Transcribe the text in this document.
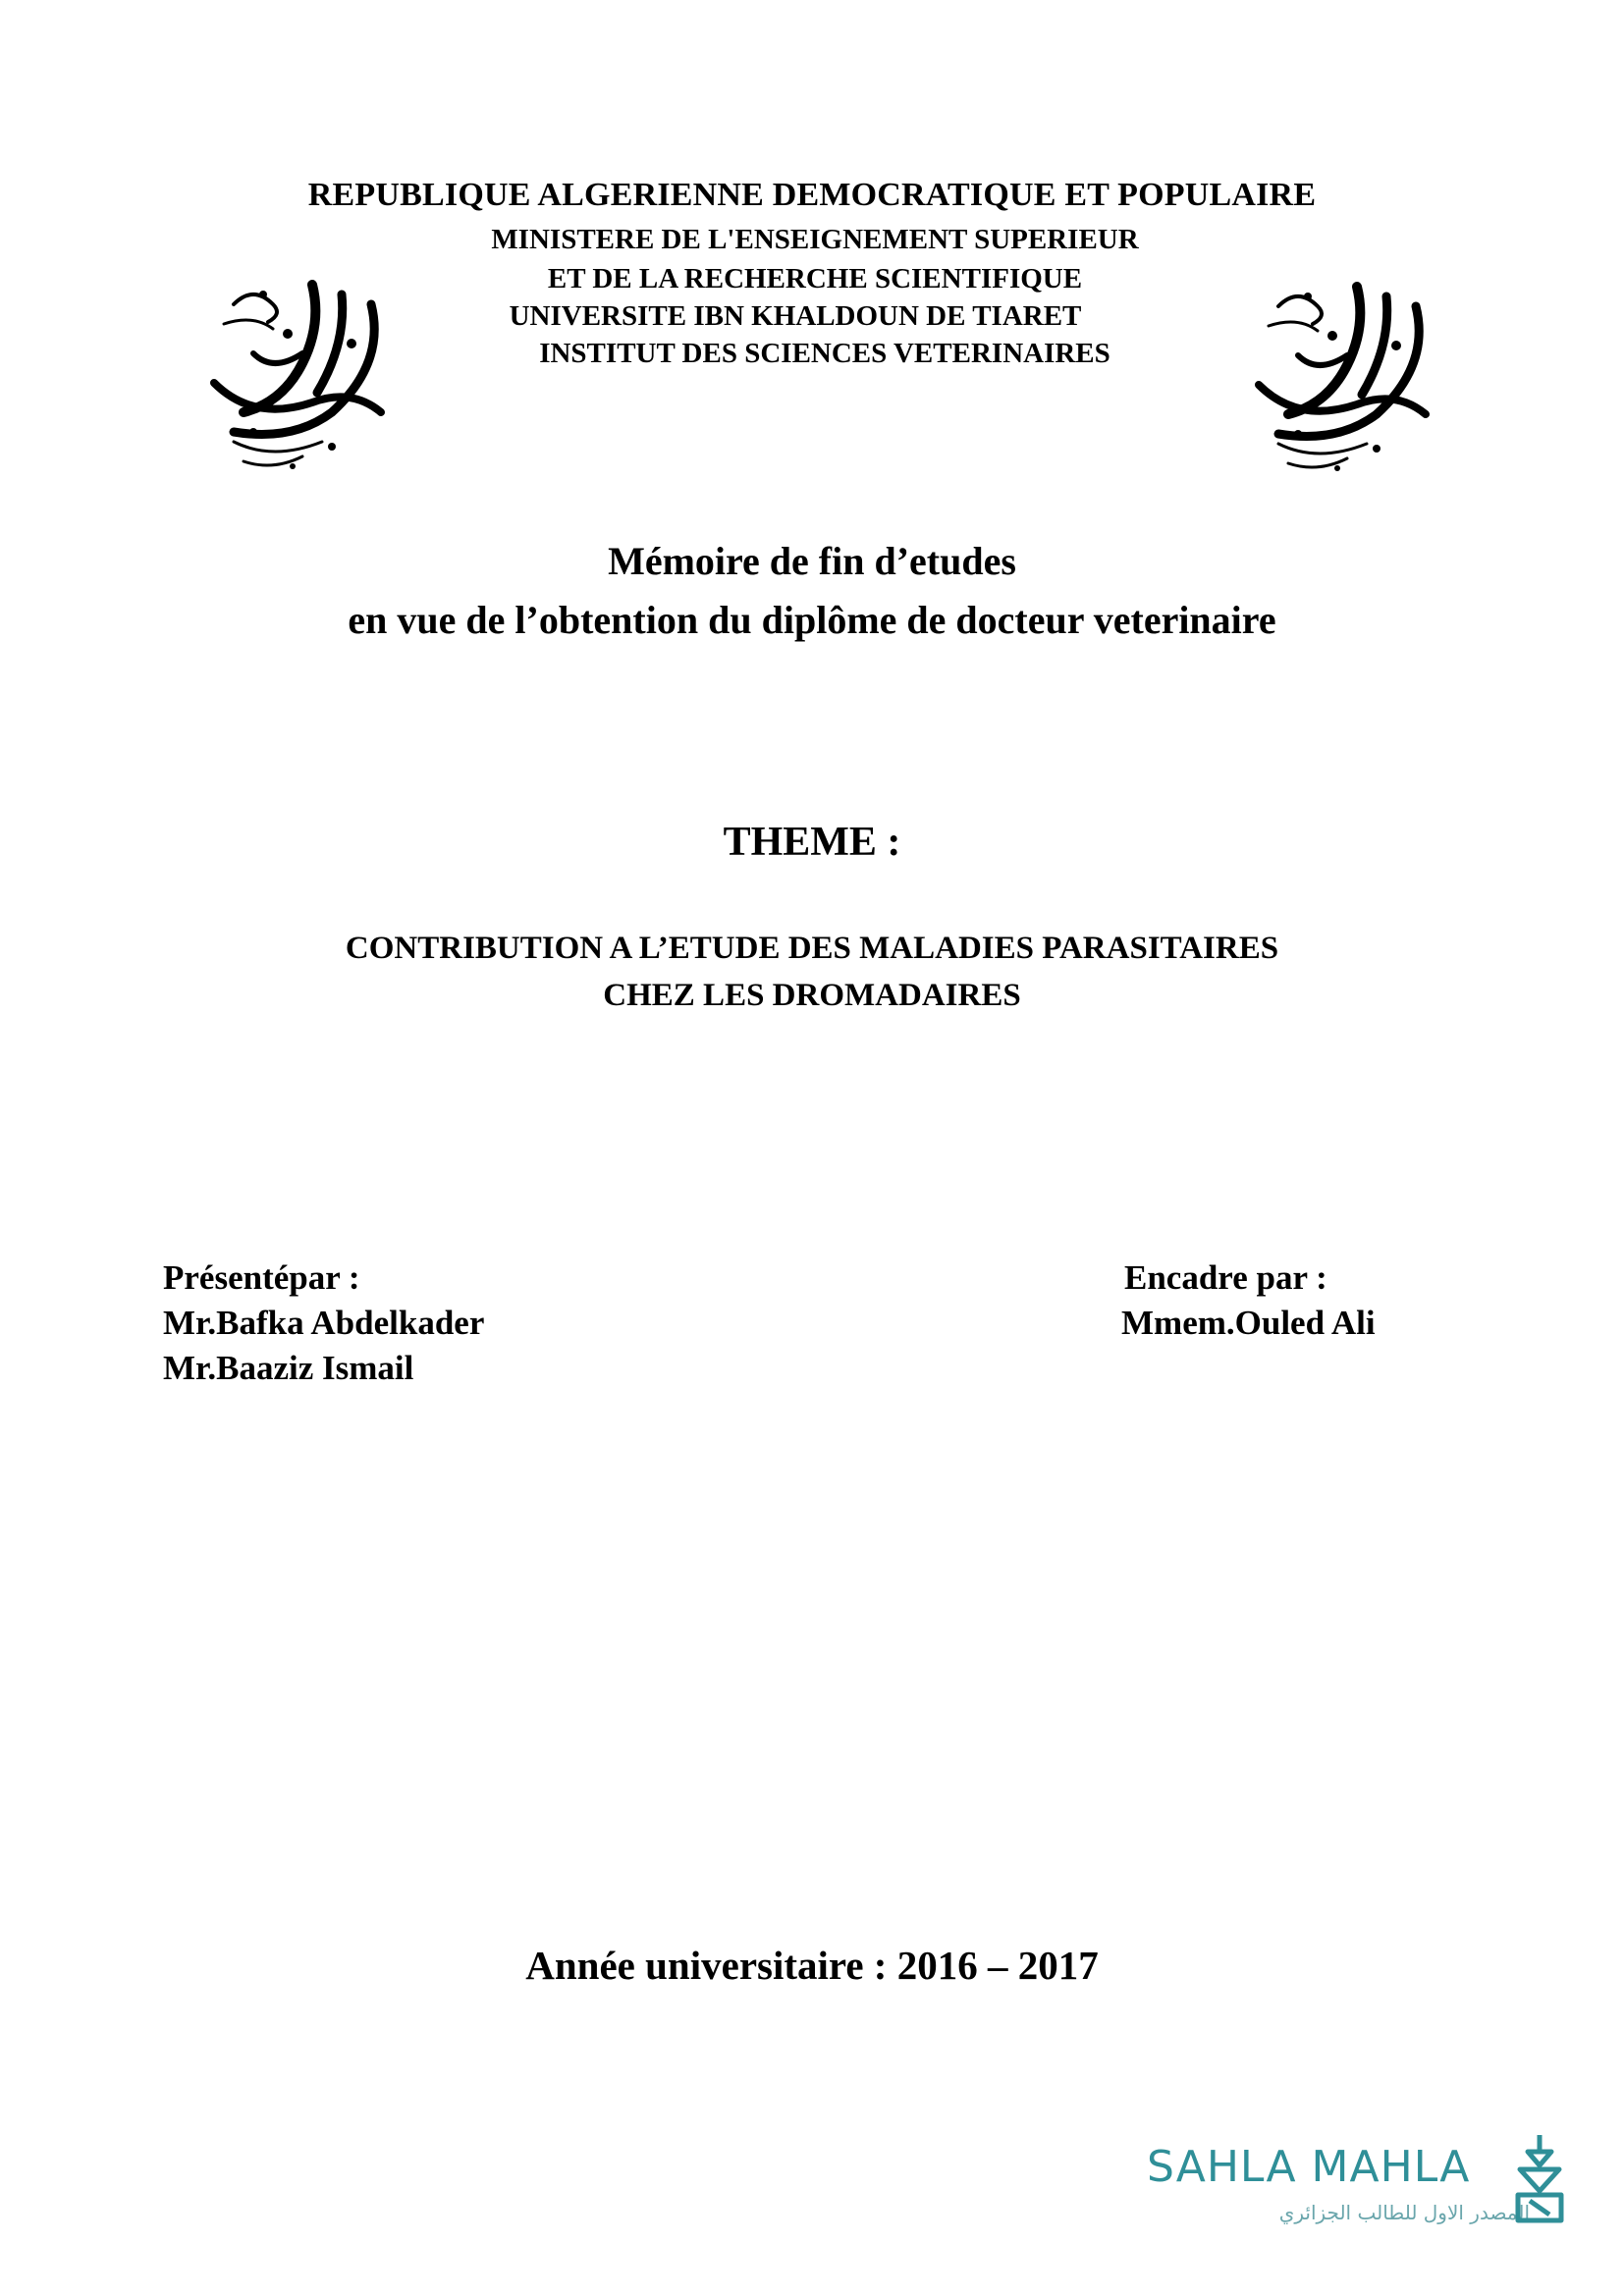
REPUBLIQUE ALGERIENNE DEMOCRATIQUE ET POPULAIRE
MINISTERE DE L'ENSEIGNEMENT SUPERIEUR
ET DE LA RECHERCHE SCIENTIFIQUE
UNIVERSITE IBN KHALDOUN DE TIARET
INSTITUT DES SCIENCES VETERINAIRES
Mémoire de fin d’etudes
en vue de l’obtention du diplôme de docteur veterinaire
THEME :
CONTRIBUTION A L’ETUDE DES MALADIES PARASITAIRES
CHEZ LES DROMADAIRES
Présentépar :
Mr.Bafka Abdelkader
Mr.Baaziz Ismail
Encadre par :
Mmem.Ouled Ali
Année universitaire : 2016 – 2017
SAHLA MAHLA
المصدر الاول للطالب الجزائري
